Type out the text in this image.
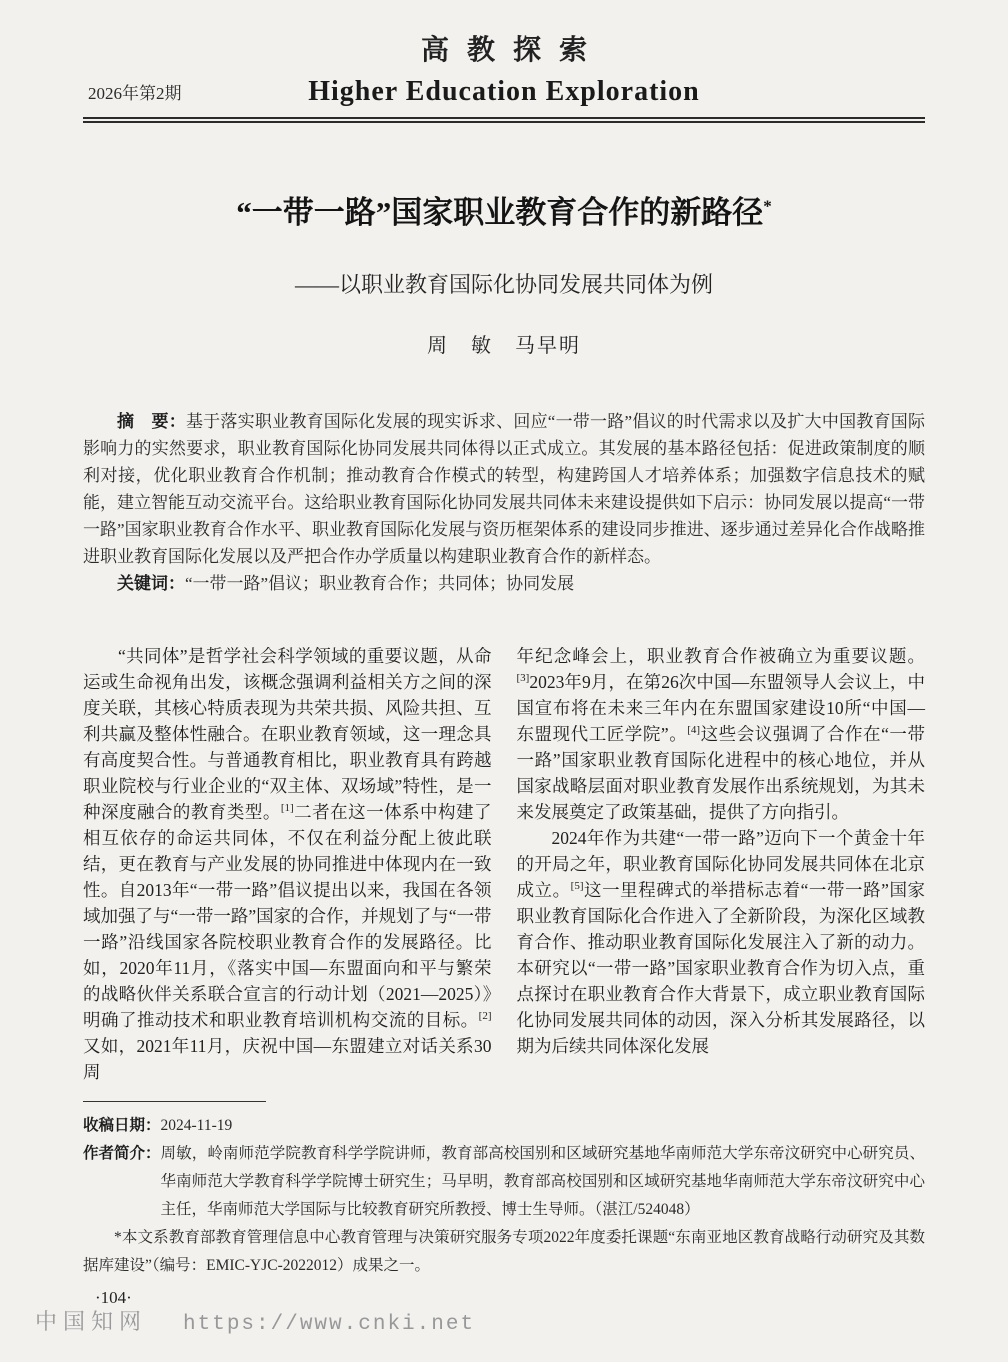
高教探索
Higher Education Exploration
2026年第2期
“一带一路”国家职业教育合作的新路径*
——以职业教育国际化协同发展共同体为例
周　敏　马早明
摘　要：基于落实职业教育国际化发展的现实诉求、回应“一带一路”倡议的时代需求以及扩大中国教育国际影响力的实然要求，职业教育国际化协同发展共同体得以正式成立。其发展的基本路径包括：促进政策制度的顺利对接，优化职业教育合作机制；推动教育合作模式的转型，构建跨国人才培养体系；加强数字信息技术的赋能，建立智能互动交流平台。这给职业教育国际化协同发展共同体未来建设提供如下启示：协同发展以提高“一带一路”国家职业教育合作水平、职业教育国际化发展与资历框架体系的建设同步推进、逐步通过差异化合作战略推进职业教育国际化发展以及严把合作办学质量以构建职业教育合作的新样态。
关键词：“一带一路”倡议；职业教育合作；共同体；协同发展

“共同体”是哲学社会科学领域的重要议题，从命运或生命视角出发，该概念强调利益相关方之间的深度关联，其核心特质表现为共荣共损、风险共担、互利共赢及整体性融合。在职业教育领域，这一理念具有高度契合性。与普通教育相比，职业教育具有跨越职业院校与行业企业的“双主体、双场域”特性，是一种深度融合的教育类型。[1]二者在这一体系中构建了相互依存的命运共同体，不仅在利益分配上彼此联结，更在教育与产业发展的协同推进中体现内在一致性。自2013年“一带一路”倡议提出以来，我国在各领域加强了与“一带一路”国家的合作，并规划了与“一带一路”沿线国家各院校职业教育合作的发展路径。比如，2020年11月，《落实中国—东盟面向和平与繁荣的战略伙伴关系联合宣言的行动计划（2021—2025）》明确了推动技术和职业教育培训机构交流的目标。[2]又如，2021年11月，庆祝中国—东盟建立对话关系30周

年纪念峰会上，职业教育合作被确立为重要议题。[3]2023年9月，在第26次中国—东盟领导人会议上，中国宣布将在未来三年内在东盟国家建设10所“中国—东盟现代工匠学院”。[4]这些会议强调了合作在“一带一路”国家职业教育国际化进程中的核心地位，并从国家战略层面对职业教育发展作出系统规划，为其未来发展奠定了政策基础，提供了方向指引。

2024年作为共建“一带一路”迈向下一个黄金十年的开局之年，职业教育国际化协同发展共同体在北京成立。[5]这一里程碑式的举措标志着“一带一路”国家职业教育国际化合作进入了全新阶段，为深化区域教育合作、推动职业教育国际化发展注入了新的动力。本研究以“一带一路”国家职业教育合作为切入点，重点探讨在职业教育合作大背景下，成立职业教育国际化协同发展共同体的动因，深入分析其发展路径，以期为后续共同体深化发展

收稿日期：2024-11-19
作者简介： 周敏，岭南师范学院教育科学学院讲师，教育部高校国别和区域研究基地华南师范大学东帝汶研究中心研究员、华南师范大学教育科学学院博士研究生；马早明，教育部高校国别和区域研究基地华南师范大学东帝汶研究中心主任，华南师范大学国际与比较教育研究所教授、博士生导师。（湛江/524048）
*本文系教育部教育管理信息中心教育管理与决策研究服务专项2022年度委托课题“东南亚地区教育战略行动研究及其数据库建设”（编号：EMIC-YJC-2022012）成果之一。
·104·
中国知网 https://www.cnki.net
